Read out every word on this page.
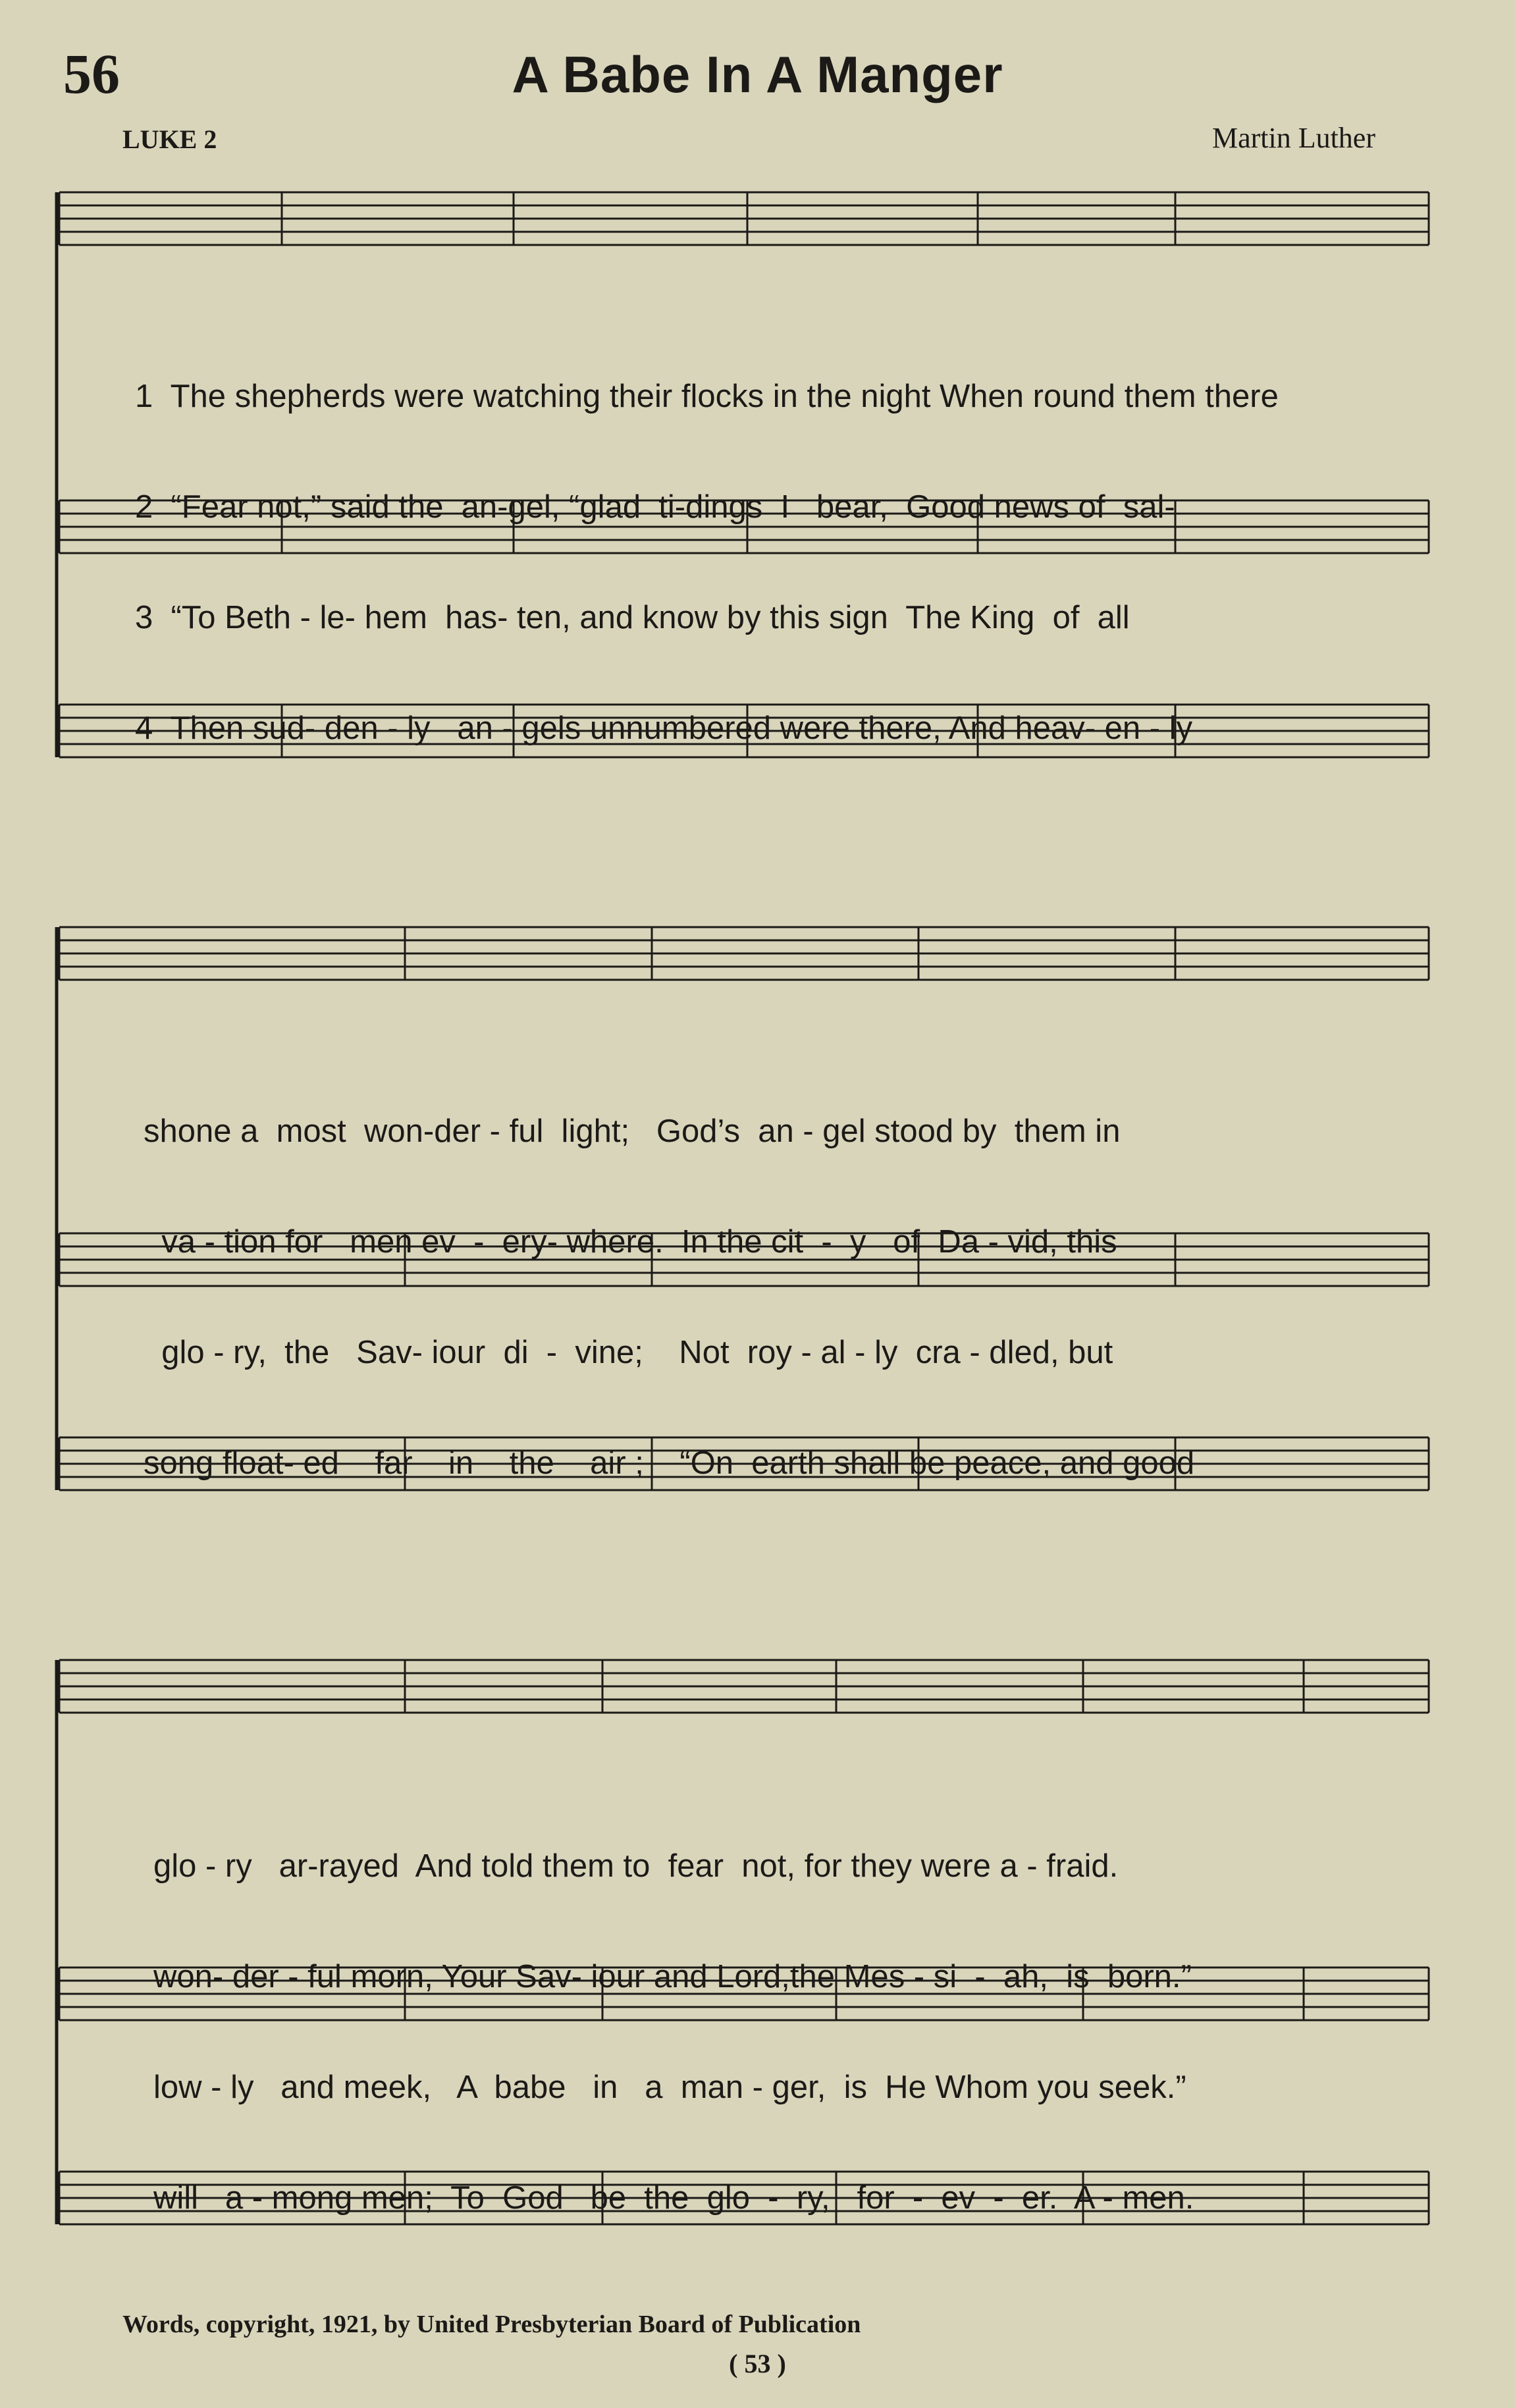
56	A Babe In A Manger
LUKE 2	Martin Luther

1  The shepherds were watching their flocks in the night When round them there

2  “Fear not,” said the  an-gel, “glad  ti-dings  I   bear,  Good news of  sal-

3  “To Beth - le- hem  has- ten, and know by this sign  The King  of  all

4  Then sud- den - ly   an - gels unnumbered were there, And heav- en - ly

shone a  most  won-der - ful  light;   God’s  an - gel stood by  them in

va - tion for   men ev  -  ery- where.  In the cit  -  y   of  Da - vid, this

glo - ry,  the   Sav- iour  di  -  vine;    Not  roy - al - ly  cra - dled, but

song float- ed    far    in    the    air ;    “On  earth shall be peace, and good

glo - ry   ar-rayed  And told them to  fear  not, for they were a - fraid.

won- der - ful morn, Your Sav- iour and Lord,the Mes - si  -  ah,  is  born.”

low - ly   and meek,   A  babe   in   a  man - ger,  is  He Whom you seek.”

will   a - mong men;  To  God   be  the  glo  -  ry,   for  -  ev  -  er.  A - men.

Words, copyright, 1921, by United Presbyterian Board of Publication
( 53 )
